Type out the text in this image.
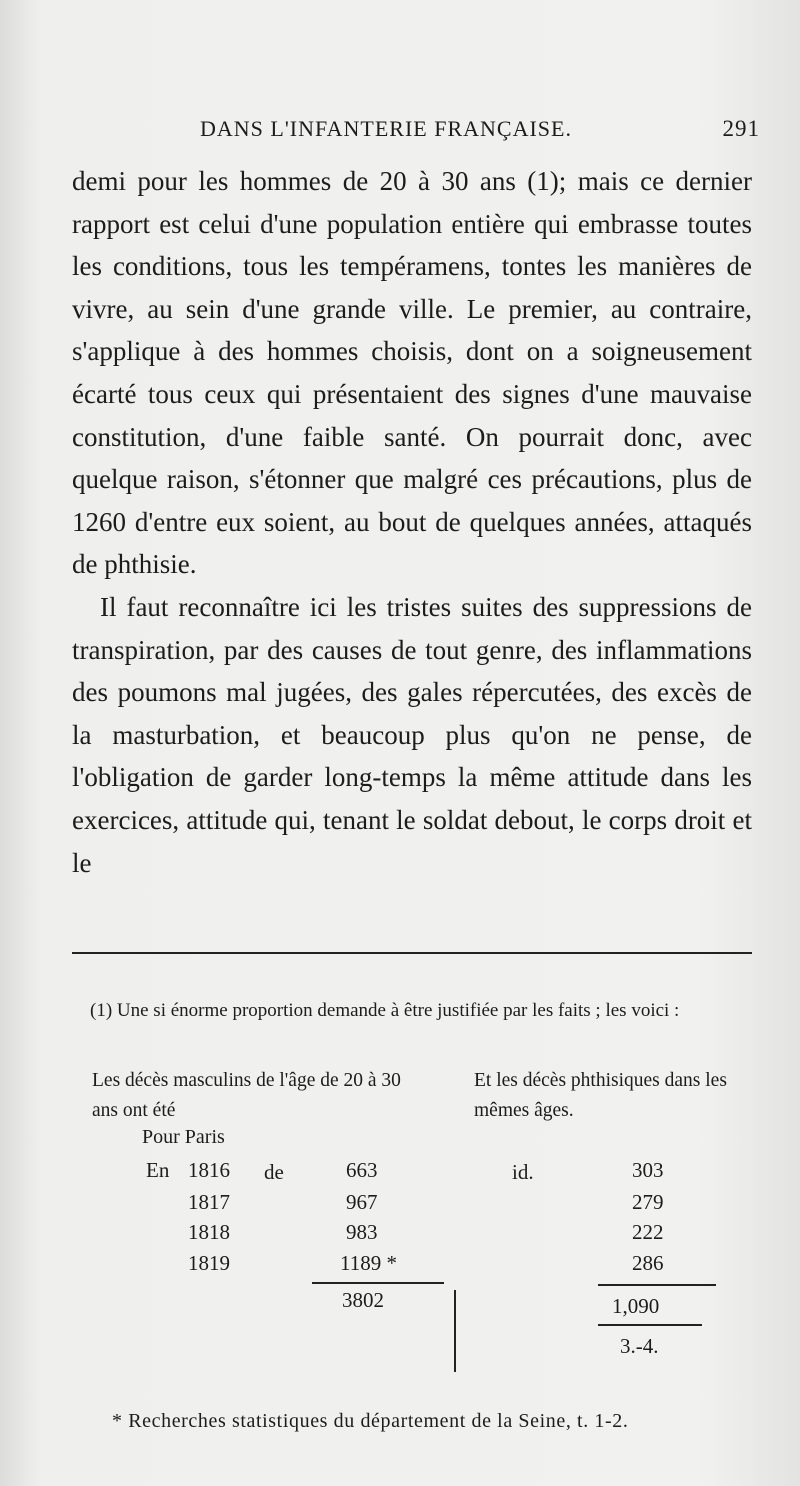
DANS L'INFANTERIE FRANÇAISE.	291

demi pour les hommes de 20 à 30 ans (1); mais ce dernier rapport est celui d'une population entière qui embrasse toutes les conditions, tous les tempéramens, tontes les manières de vivre, au sein d'une grande ville. Le premier, au contraire, s'applique à des hommes choisis, dont on a soigneusement écarté tous ceux qui présentaient des signes d'une mauvaise constitution, d'une faible santé. On pourrait donc, avec quelque raison, s'étonner que malgré ces précautions, plus de 1260 d'entre eux soient, au bout de quelques années, attaqués de phthisie.

Il faut reconnaître ici les tristes suites des suppressions de transpiration, par des causes de tout genre, des inflammations des poumons mal jugées, des gales répercutées, des excès de la masturbation, et beaucoup plus qu'on ne pense, de l'obligation de garder long-temps la même attitude dans les exercices, attitude qui, tenant le soldat debout, le corps droit et le

(1) Une si énorme proportion demande à être justifiée par les faits ; les voici :

Les décès masculins de l'âge de 20 à 30 ans ont été
Et les décès phthisiques dans les mêmes âges.
Pour Paris
En 1816 de	663	id.	303
1817	967	279
1818	983	222
1819	1189 *	286
3802	1,090
3.-4.
* Recherches statistiques du département de la Seine, t. 1-2.
